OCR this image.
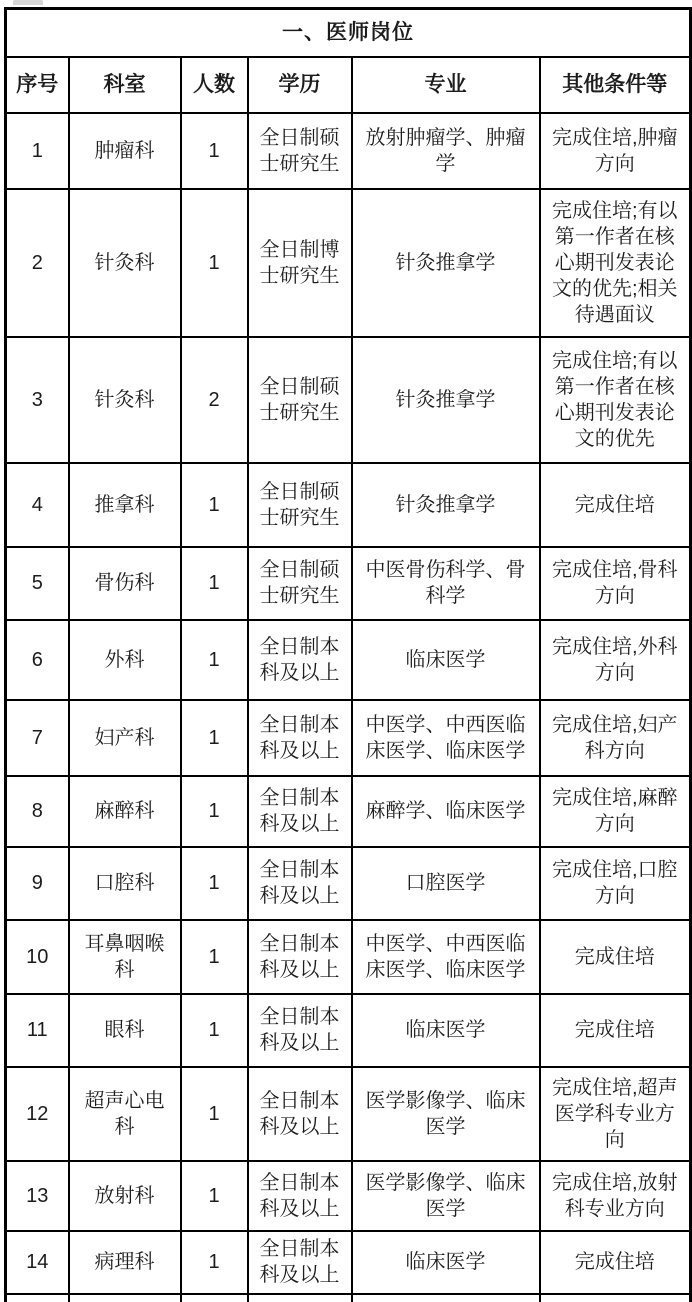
一、医师岗位					
序号	科室	人数	学历	专业	其他条件等
1	肿瘤科	1	全日制硕士研究生	放射肿瘤学、肿瘤学	完成住培,肿瘤方向
2	针灸科	1	全日制博士研究生	针灸推拿学	完成住培;有以第一作者在核心期刊发表论文的优先;相关待遇面议
3	针灸科	2	全日制硕士研究生	针灸推拿学	完成住培;有以第一作者在核心期刊发表论文的优先
4	推拿科	1	全日制硕士研究生	针灸推拿学	完成住培
5	骨伤科	1	全日制硕士研究生	中医骨伤科学、骨科学	完成住培,骨科方向
6	外科	1	全日制本科及以上	临床医学	完成住培,外科方向
7	妇产科	1	全日制本科及以上	中医学、中西医临床医学、临床医学	完成住培,妇产科方向
8	麻醉科	1	全日制本科及以上	麻醉学、临床医学	完成住培,麻醉方向
9	口腔科	1	全日制本科及以上	口腔医学	完成住培,口腔方向
10	耳鼻咽喉科	1	全日制本科及以上	中医学、中西医临床医学、临床医学	完成住培
11	眼科	1	全日制本科及以上	临床医学	完成住培
12	超声心电科	1	全日制本科及以上	医学影像学、临床医学	完成住培,超声医学科专业方向
13	放射科	1	全日制本科及以上	医学影像学、临床医学	完成住培,放射科专业方向
14	病理科	1	全日制本科及以上	临床医学	完成住培
